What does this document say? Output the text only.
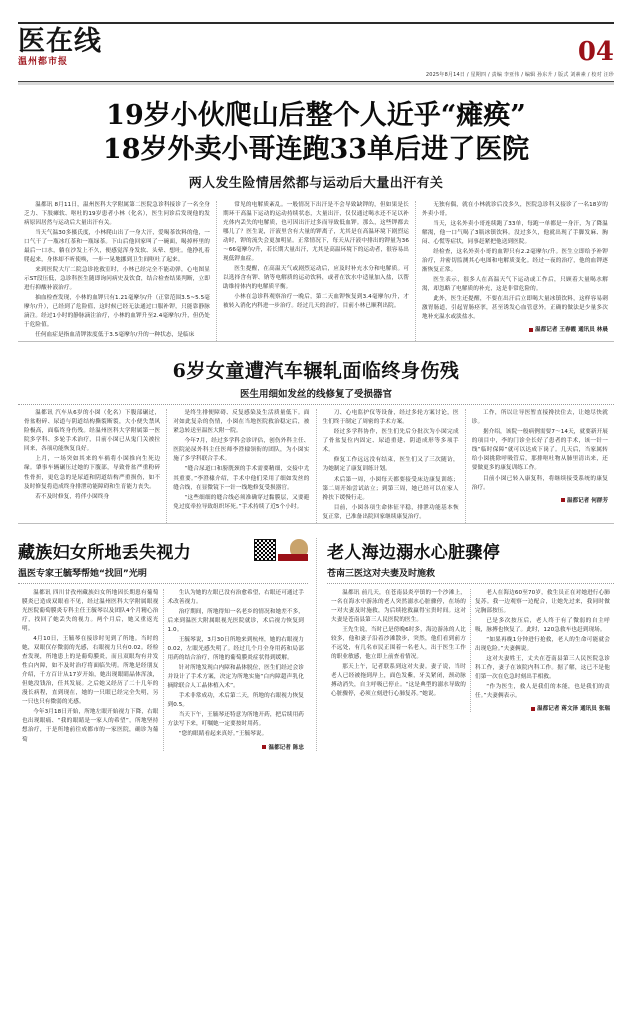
医在线
温州都市报	04
2025年8月14日 / 星期四 / 责编 李亚伟 / 编辑 孙东升 / 版式 刘素素 / 校对 汪珍
19岁小伙爬山后整个人近乎“瘫痪”
18岁外卖小哥连跑33单后进了医院
两人发生险情居然都与运动后大量出汗有关

温都讯 8月11日，温州医科大学附属第二医院急诊科接诊了一名全身乏力、下肢瘫软、呕吐的19岁患者小林（化名），医生问诊后发现他的发病原因居然与运动后大量出汗有关。

当天气温30多摄氏度，小林爬山出了一身大汗，爱喝茶饮料的他，一口气干了一瓶冰红茶和一瓶绿茶。下山后他回家叫了一碗面，喝掉杯里的最后一口水，躺在沙发上不久，便感觉浑身发软、头晕、想吐。他挣扎着爬起来，身体却不听使唤，一步一晃地挪到卫生间呕吐了起来。

来到医院大厅二院急诊抢救室时，小林已经完全不能动弹，心电图显示ST段压低，急诊科医生随即询问病史及饮食，结合检查结果判断，立即进行抑酸补液治疗。

抽血检查发现，小林的血钾只有1.21毫摩尔/升（正常范围3.5~5.5毫摩尔/升），已经到了危险值，这时候已经无法通过口服补钾，只能靠静脉滴注。经过1小时的静脉滴注治疗，小林的血钾升至2.4毫摩尔/升，但仍处于危险值。

任何血症是指血清钾浓度低于3.5毫摩尔/升的一种状态，是临床

常见的电解质紊乱。一般情况下出汗是不会导致缺钾的，但如果是长期环干高温下运动的运动持续状态，大量出汗，仅仅通过喝水还不足以补充体内丢失的电解质，也可因出汗过多而导致低血钾。那么，这些钾都去哪儿了？医生说，汗液里含有大量的钾离子，尤其是在高温环境下剧烈运动时，钾的流失会更加明显。正常情况下，每天从汗液中排出的钾量为36～66毫摩尔/升，若长期大量出汗，尤其是高温环境下的运动者，很容易出现低钾血症。

医生提醒，在高温天气或剧烈运动后，应及时补充水分和电解质。可以选择含有钾、钠等电解质的运动饮料，或者在饮水中适量加入盐，以帮助维持体内的电解质平衡。

小林在急诊科观察治疗一晚后，第二天血钾恢复到3.4毫摩尔/升，才被转入消化内科进一步治疗。经过几天的治疗，目前小林已顺利出院。

无独有偶，就在小林就诊后没多久，医院急诊科又接诊了一名18岁的外卖小哥。

当天，这名外卖小哥连续跑了33单，每跑一单都是一身汗，为了降温解渴，他一口气喝了3瓶冰镇饮料。没过多久，他就出现了手脚发麻、胸闷、心慌等症状，同事赶紧把他送到医院。

经检查，这名外卖小哥的血钾只有2.2毫摩尔/升。医生立即给予补钾治疗，并密切监测其心电图和电解质变化。经过一夜的治疗，他的血钾逐渐恢复正常。

医生表示，很多人在高温天气下运动或工作后，只顾着大量喝水解渴，却忽略了电解质的补充，这是非常危险的。

此外，医生还提醒，不要在出汗后立即喝大量冰镇饮料，这样容易刺激胃肠道，引起胃肠痉挛，甚至诱发心血管意外。正确的做法是少量多次地补充温水或淡盐水。

温都记者 王春霞 通讯员 林晨
6岁女童遭汽车辗轧面临终身伤残
医生用细如发丝的线修复了受损器官

温都讯 汽车从6岁的小囡（化名）下腹部碾过，骨盆粉碎、尿道与阴道结构撕裂断裂，大小便失禁风险极高，面临终身伤残。经温州医科大学附属第一医院多学科、多轮手术治疗，目前小囡已从鬼门关被拉回来，各项功能恢复良好。

上月，一场突如其来的车祸将小囡推向生死边缘。肇事车辆碾压过她的下腹部，导致骨盆严重粉碎性骨折，更危急的是尿道和阴道结构严重损伤，如不及时修复将造成终身排泄功能障碍和生育能力丧失。

若不及时修复，将伴小囡终身

是终生排便障碍、反复感染及生活质量低下。面对如此复杂的伤情，小囡在当地医院救治稳定后，被紧急转送至温医大附一院。

今年7月，经过多学科会诊评估，创伤外科主任、医院泌尿外科主任医师李澄棣领衔的团队，为小囡实施了多学科联合手术。

“缝合尿道口和膀胱颈的手术需要精细，交接中尤其重要。”李澄棣介绍，手术中他们采用了细如发丝的缝合线，在显微镜下一针一线地修复受损器官。

“这些细细的缝合线必须准确穿过黏膜层，又要避免过度牵拉导致组织坏死。”手术持续了近5个小时。

刀、心电监护仪等设备，经过多轮方案讨论，医生们终于制定了周密的手术方案。

经过多学科协作，医生们先后分批次为小囡完成了骨盆复位内固定、尿道重建、阴道成形等多项手术。

修复工作远远没有结束，医生们又了三次随访，为她制定了康复训练计划。

术后第一周，小囡每天都要接受床边康复训练；第二周开始尝试站立；到第三周，她已经可以在家人搀扶下缓慢行走。

目前，小囡各项生命体征平稳，排泄功能基本恢复正常，已准备出院回家继续康复治疗。

工作，所以让导医暂直接搀扶住去，让她尽快就诊。

据介绍，该院一般病例需要7～14天，就要新开展的项目中，李的门诊全长好了患者的手术，该一针一线“临时保障”就可以达成下岗了。几天后，当家属转给小囡挑除呼吸管后，那排呕吐物从肺里清出来，还要做更多的康复训练工作。

目前小囡已转入康复科，将继续接受系统的康复治疗。

温都记者 何群芳
藏族妇女所地丢失视力
温医专家王毓琴帮她“找回”光明

温都讯 四川甘孜州藏族妇女所地因长期患有葡萄膜炎已造成双眼看不见，经过温州医科大学附属眼视光医院葡萄膜炎专科主任王毓琴以及团队4个月精心治疗，找回了她丢失的视力。两个月后，她又重返光明。

4月10日，王毓琴在接诊时见到了所地。当时的她，双眼仅存微弱的光感，右眼视力只有0.02。经检查发现，所地患上的是葡萄膜炎，而且双眼均有并发性白内障，如不及时治疗将面临失明。所地是经朋友介绍，千方百计从17岁开始，她出现眼睛晶体浑浊，但她没钱治，任其发展。之后她又经历了二十几年的漫长病程，直到现在，她的一只眼已经完全失明，另一只也只有微弱的光感。

今年3月18日开始，所地左眼开始视力下降，右眼也出现眼痛、“我的眼睛是一家人的希望”，所地坚持想治疗，于是所地前往成都市的一家医院，确诊为葡萄

生认为她的左眼已没有治愈希望，右眼还可通过手术改善视力。

治疗期间，所地得知一名老乡的情况和她差不多，后来到温医大附属眼视光医院就诊，术后视力恢复到1.0。

王毓琴说，3月30日所地来到杭州，她的右眼视力0.02，左眼光感失明了。经过几个月全身用药和局部用药的结合治疗，所地的葡萄膜炎症状得到缓解。

针对所地发现白内障和晶体脱位，医生们经过会诊并设计了手术方案，决定为所地实施“白内障超声乳化摘除联合人工晶体植入术”。

手术非常成功，术后第二天，所地的右眼视力恢复到0.5。

当天下午，王毓琴还特意为所地开药，把后续用药方法写下来，叮嘱她一定要按时用药。

“您的眼睛看起来真好。”王毓琴说。

温都记者 陈忠
老人海边溺水心脏骤停
苍南三医这对夫妻及时施救

温都讯 前几天，在苍南县炎亭镇的一个沙滩上，一名在海水中游泳的老人突然溺水心脏骤停，在场的一对夫妻及时施救，为后续抢救赢得宝贵时间。这对夫妻是苍南县第三人民医院的医生。

王先生说，当时已是傍晚6时多，海边游泳的人比较多，他和妻子沿着沙滩散步，突然，他们看到前方不远处，有几名市民正围着一名老人，出于医生工作的职业敏感，他立即上前查看情况。

那天上午，记者联系到这对夫妻。妻子说，当时老人已经被拖到岸上，面色发紫，牙关紧闭，颈动脉搏动消失，自主呼吸已停止。“这是典型的溺水导致的心脏骤停，必须立刻进行心肺复苏。”她说。

老人在海边60至70岁，救生员正在对她进行心肺复苏。我一边观察一边配合，让她先过来，我同时做完胸部按压。

已是多次按压后，老人终于有了微弱的自主呼吸，脉搏也恢复了。此时，120急救车也赶到现场。

“如果再晚1分钟进行抢救，老人的生命可能就会出现危险。”夫妻俩说。

这对夫妻姓王，丈夫在苍南县第三人民医院急诊科工作，妻子在该院内科工作。据了解，这已不是他们第一次在危急时刻出手相救。

“作为医生，救人是我们的本能，也是我们的责任。”夫妻俩表示。

温都记者 蒋文泽 通讯员 张瑞
